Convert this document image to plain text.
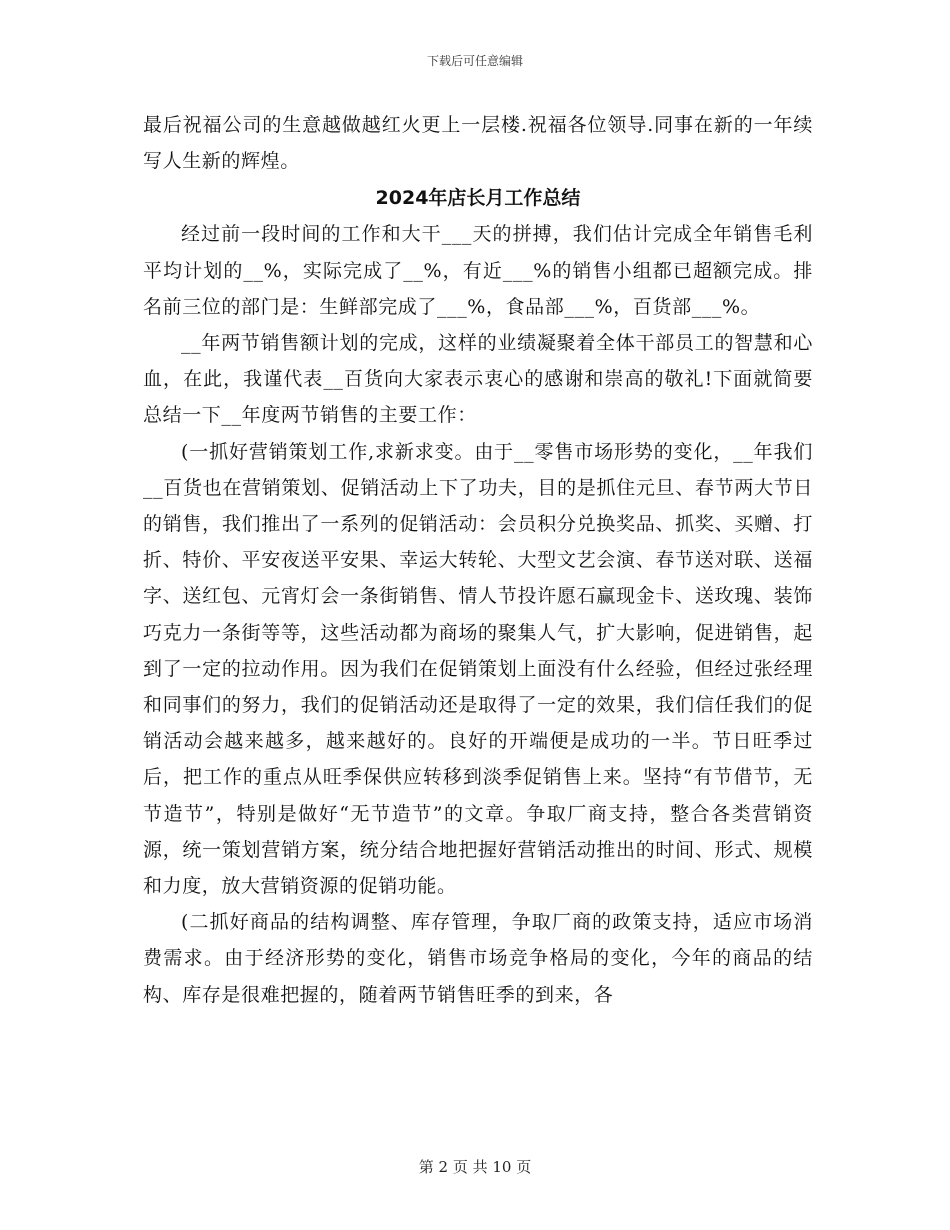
下载后可任意编辑

最后祝福公司的生意越做越红火更上一层楼.祝福各位领导.同事在新的一年续写人生新的辉煌。

2024年店长月工作总结

经过前一段时间的工作和大干___天的拼搏，我们估计完成全年销售毛利平均计划的__%，实际完成了__%，有近___%的销售小组都已超额完成。排名前三位的部门是：生鲜部完成了___%，食品部___%，百货部___%。

__年两节销售额计划的完成，这样的业绩凝聚着全体干部员工的智慧和心血，在此，我谨代表__百货向大家表示衷心的感谢和崇高的敬礼!下面就简要总结一下__年度两节销售的主要工作：

(一抓好营销策划工作,求新求变。由于__零售市场形势的变化，__年我们__百货也在营销策划、促销活动上下了功夫，目的是抓住元旦、春节两大节日的销售，我们推出了一系列的促销活动：会员积分兑换奖品、抓奖、买赠、打折、特价、平安夜送平安果、幸运大转轮、大型文艺会演、春节送对联、送福字、送红包、元宵灯会一条街销售、情人节投许愿石赢现金卡、送玫瑰、装饰巧克力一条街等等，这些活动都为商场的聚集人气，扩大影响，促进销售，起到了一定的拉动作用。因为我们在促销策划上面没有什么经验，但经过张经理和同事们的努力，我们的促销活动还是取得了一定的效果，我们信任我们的促销活动会越来越多，越来越好的。良好的开端便是成功的一半。节日旺季过后，把工作的重点从旺季保供应转移到淡季促销售上来。坚持“有节借节，无节造节”，特别是做好“无节造节”的文章。争取厂商支持，整合各类营销资源，统一策划营销方案，统分结合地把握好营销活动推出的时间、形式、规模和力度，放大营销资源的促销功能。

(二抓好商品的结构调整、库存管理，争取厂商的政策支持，适应市场消费需求。由于经济形势的变化，销售市场竞争格局的变化，今年的商品的结构、库存是很难把握的，随着两节销售旺季的到来，各

第 2 页 共 10 页
